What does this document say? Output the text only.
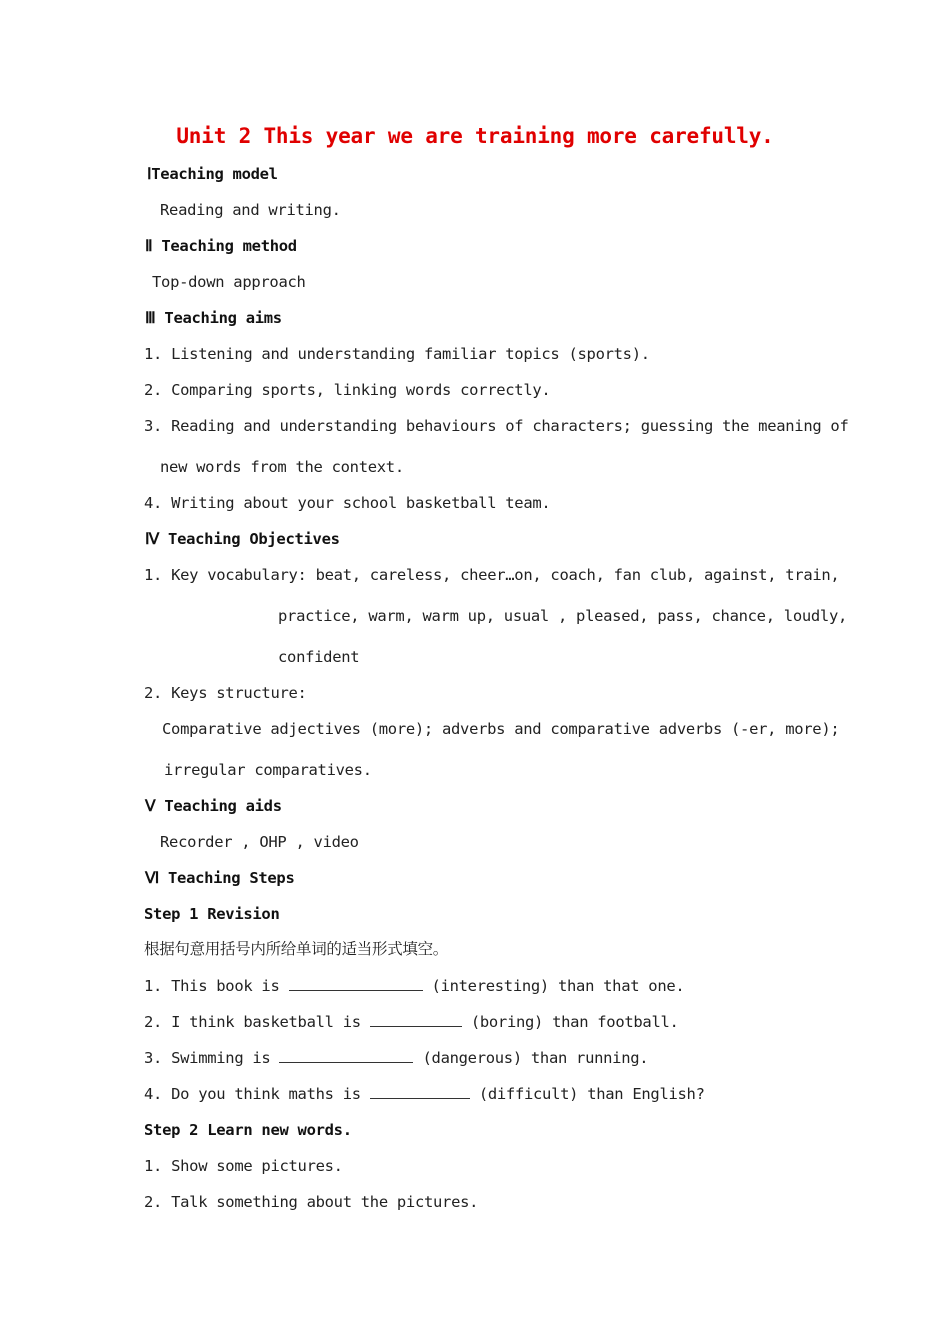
Unit 2 This year we are training more carefully.
ⅠTeaching model
Reading and writing.
Ⅱ Teaching method
Top-down approach
Ⅲ Teaching aims
1. Listening and understanding familiar topics (sports).
2. Comparing sports, linking words correctly.
3. Reading and understanding behaviours of characters; guessing the meaning of
new words from the context.
4. Writing about your school basketball team.
Ⅳ Teaching Objectives
1. Key vocabulary: beat, careless, cheer…on, coach, fan club, against, train,
practice, warm, warm up, usual , pleased, pass, chance, loudly,
confident
2. Keys structure:
Comparative adjectives (more); adverbs and comparative adverbs (-er, more);
irregular comparatives.
Ⅴ Teaching aids
Recorder , OHP , video
Ⅵ Teaching Steps
Step 1 Revision
根据句意用括号内所给单词的适当形式填空。
1. This book is	(interesting) than that one.
2. I think basketball is	(boring) than football.
3. Swimming is	(dangerous) than running.
4. Do you think maths is	(difficult) than English?
Step 2 Learn new words.
1. Show some pictures.
2. Talk something about the pictures.
